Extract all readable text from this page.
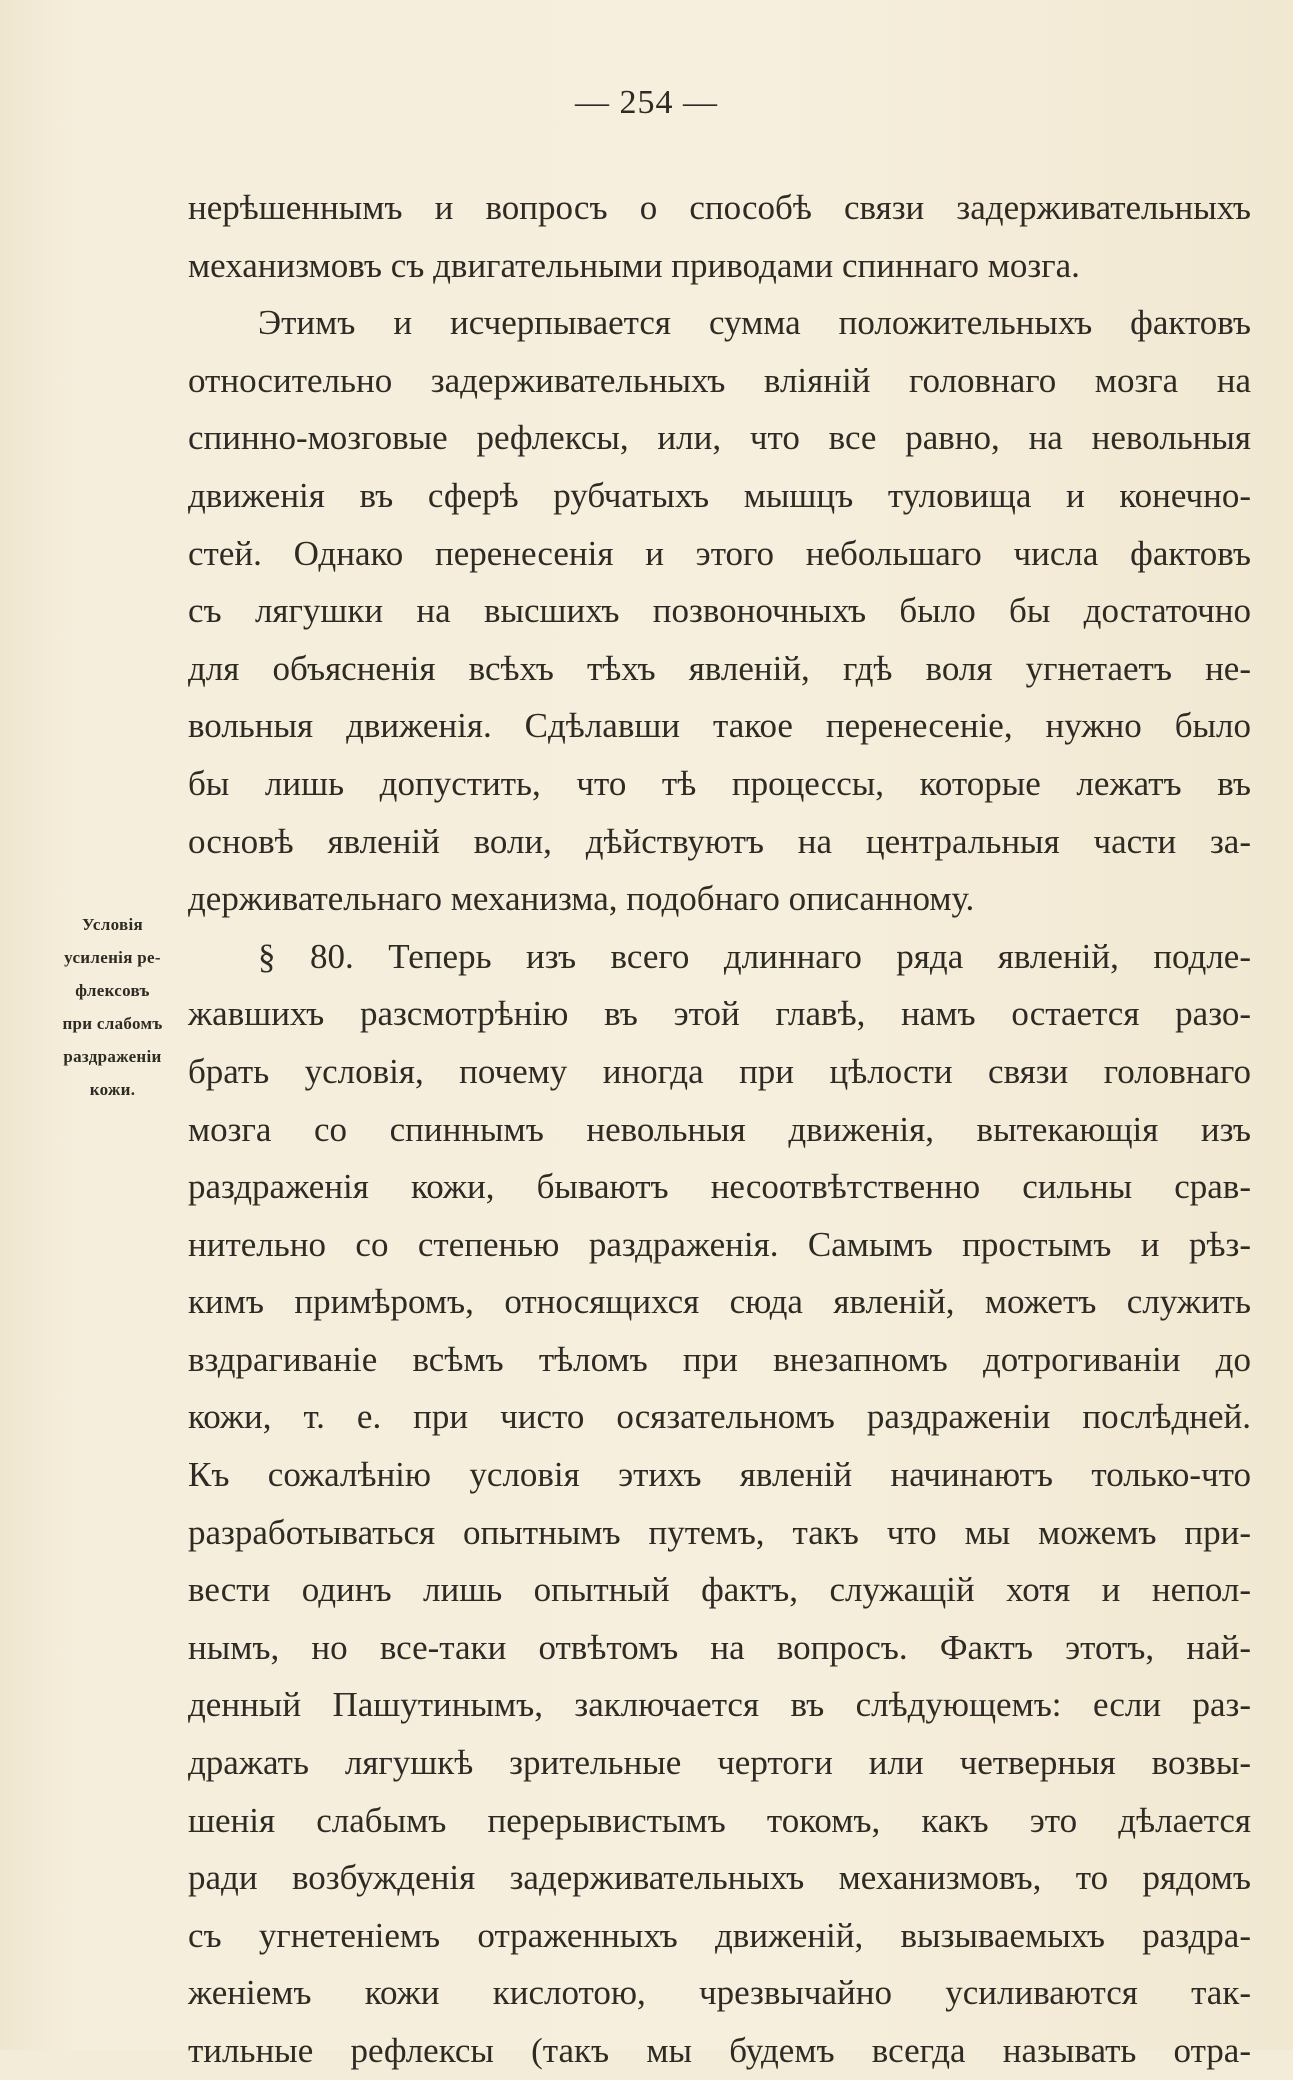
— 254 —
Условія
усиленія ре-
флексовъ
при слабомъ
раздраженіи
кожи.
нерѣшеннымъ и вопросъ о способѣ связи задерживательныхъ
механизмовъ съ двигательными приводами спиннаго мозга.
Этимъ и исчерпывается сумма положительныхъ фактовъ
относительно задерживательныхъ вліяній головнаго мозга на
спинно-мозговые рефлексы, или, что все равно, на невольныя
движенія въ сферѣ рубчатыхъ мышцъ туловища и конечно-
стей. Однако перенесенія и этого небольшаго числа фактовъ
съ лягушки на высшихъ позвоночныхъ было бы достаточно
для объясненія всѣхъ тѣхъ явленій, гдѣ воля угнетаетъ не-
вольныя движенія. Сдѣлавши такое перенесеніе, нужно было
бы лишь допустить, что тѣ процессы, которые лежатъ въ
основѣ явленій воли, дѣйствуютъ на центральныя части за-
держивательнаго механизма, подобнаго описанному.
§ 80. Теперь изъ всего длиннаго ряда явленій, подле-
жавшихъ разсмотрѣнію въ этой главѣ, намъ остается разо-
брать условія, почему иногда при цѣлости связи головнаго
мозга со спиннымъ невольныя движенія, вытекающія изъ
раздраженія кожи, бываютъ несоотвѣтственно сильны срав-
нительно со степенью раздраженія. Самымъ простымъ и рѣз-
кимъ примѣромъ, относящихся сюда явленій, можетъ служить
вздрагиваніе всѣмъ тѣломъ при внезапномъ дотрогиваніи до
кожи, т. е. при чисто осязательномъ раздраженіи послѣдней.
Къ сожалѣнію условія этихъ явленій начинаютъ только-что
разработываться опытнымъ путемъ, такъ что мы можемъ при-
вести одинъ лишь опытный фактъ, служащій хотя и непол-
нымъ, но все-таки отвѣтомъ на вопросъ. Фактъ этотъ, най-
денный Пашутинымъ, заключается въ слѣдующемъ: если раз-
дражать лягушкѣ зрительные чертоги или четверныя возвы-
шенія слабымъ перерывистымъ токомъ, какъ это дѣлается
ради возбужденія задерживательныхъ механизмовъ, то рядомъ
съ угнетеніемъ отраженныхъ движеній, вызываемыхъ раздра-
женіемъ кожи кислотою, чрезвычайно усиливаются так-
тильные рефлексы (такъ мы будемъ всегда называть отра-
